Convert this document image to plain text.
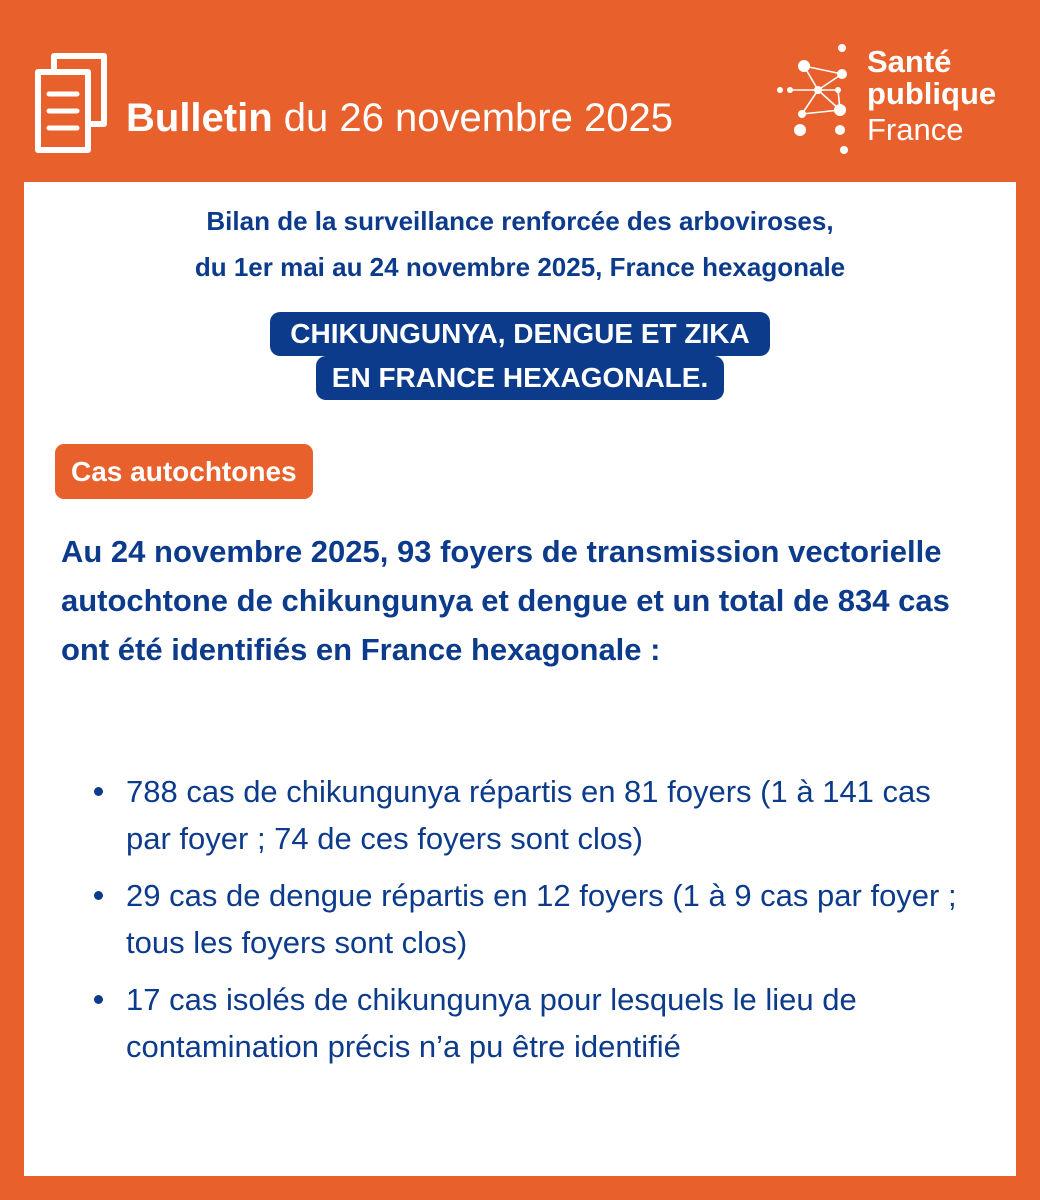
Bulletin du 26 novembre 2025
Santé
publique
France
Bilan de la surveillance renforcée des arboviroses,
du 1er mai au 24 novembre 2025, France hexagonale
CHIKUNGUNYA, DENGUE ET ZIKA
EN FRANCE HEXAGONALE.
Cas autochtones
Au 24 novembre 2025, 93 foyers de transmission vectorielle autochtone de chikungunya et dengue et un total de 834 cas ont été identifiés en France hexagonale :
788 cas de chikungunya répartis en 81 foyers (1 à 141 cas par foyer ; 74 de ces foyers sont clos)
29 cas de dengue répartis en 12 foyers (1 à 9 cas par foyer ; tous les foyers sont clos)
17 cas isolés de chikungunya pour lesquels le lieu de contamination précis n’a pu être identifié
